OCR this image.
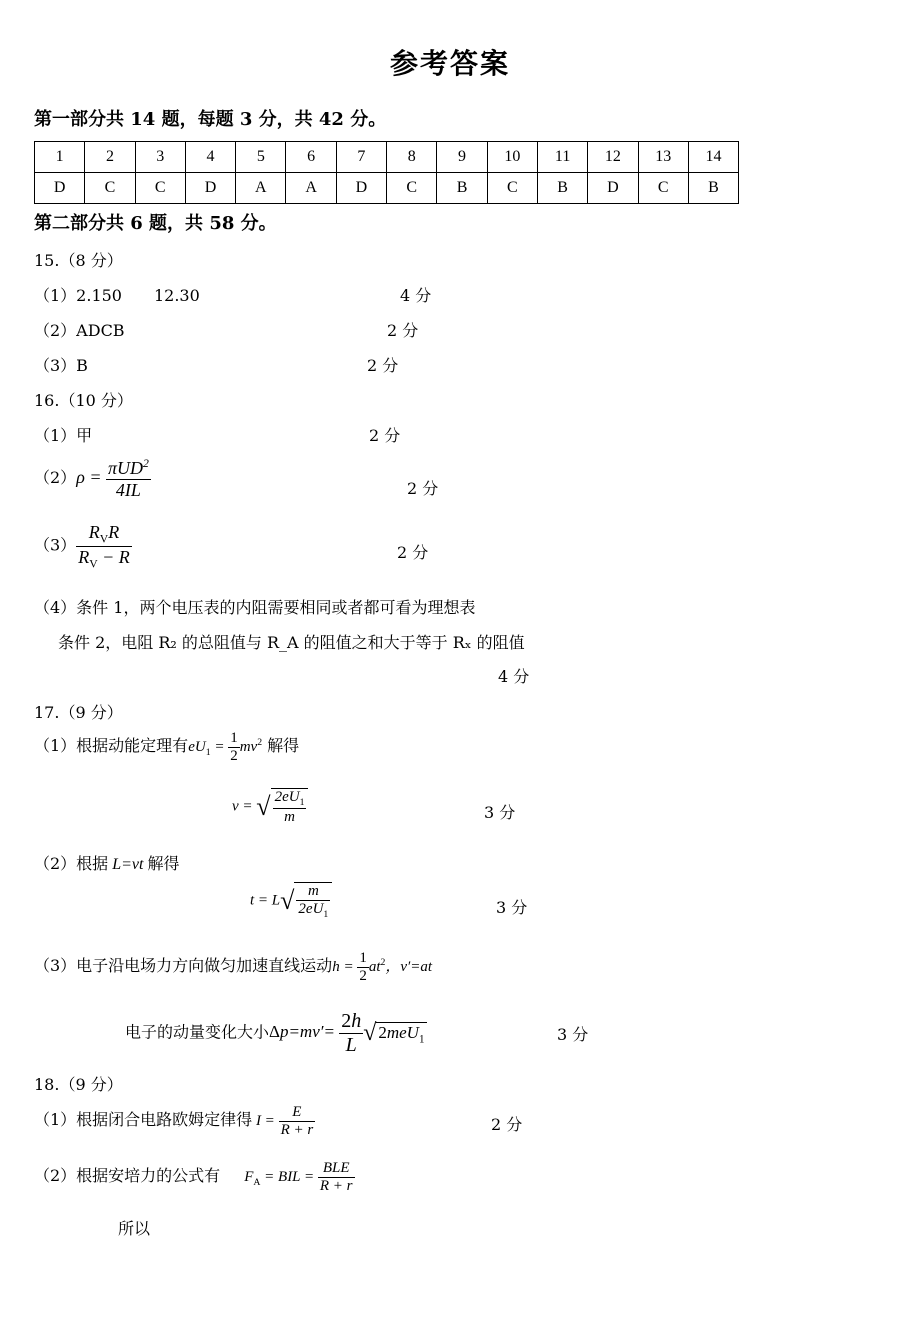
参考答案
第一部分共 14 题，每题 3 分，共 42 分。
1	2	3	4	5	6	7	8	9	10	11	12	13	14
D	C	C	D	A	A	D	C	B	C	B	D	C	B
第二部分共 6 题，共 58 分。
15.（8 分）
（1）2.150　　12.30	4 分
（2）ADCB	2 分
（3）B	2 分
16.（10 分）
（1）甲	2 分
$(2)\rho = \frac{\pi UD^2}{4IL}$	2 分
$(3) \frac{R_VR}{R_V - R}$	2 分
（4）条件 1，两个电压表的内阻需要相同或者都可看为理想表
条件 2，电阻 R₂ 的总阻值与 R_A 的阻值之和大于等于 Rₓ 的阻值
4 分
17.（9 分）
（1）根据动能定理有$eU_1 = \frac{1}{2} mv^2$ 解得
v = √ $\frac{2eU_1}{m}$	3 分
（2）根据 L=vt 解得
$t = L√ \frac{m}{2eU_1}$	3 分
（3）电子沿电场力方向做匀加速直线运动$h = \frac{1}{2} at^2$，v′=at
电子的动量变化大小$\Delta p=mv'= \frac{2h}{L}$ √ 2meU$_1$	3 分
18.（9 分）
（1）根据闭合电路欧姆定律得 $I = \frac{E}{R + r}$	2 分
（2）根据安培力的公式有 $F_A$ = BIL = $\frac{\text{BLE}}{R + r}$
所以
